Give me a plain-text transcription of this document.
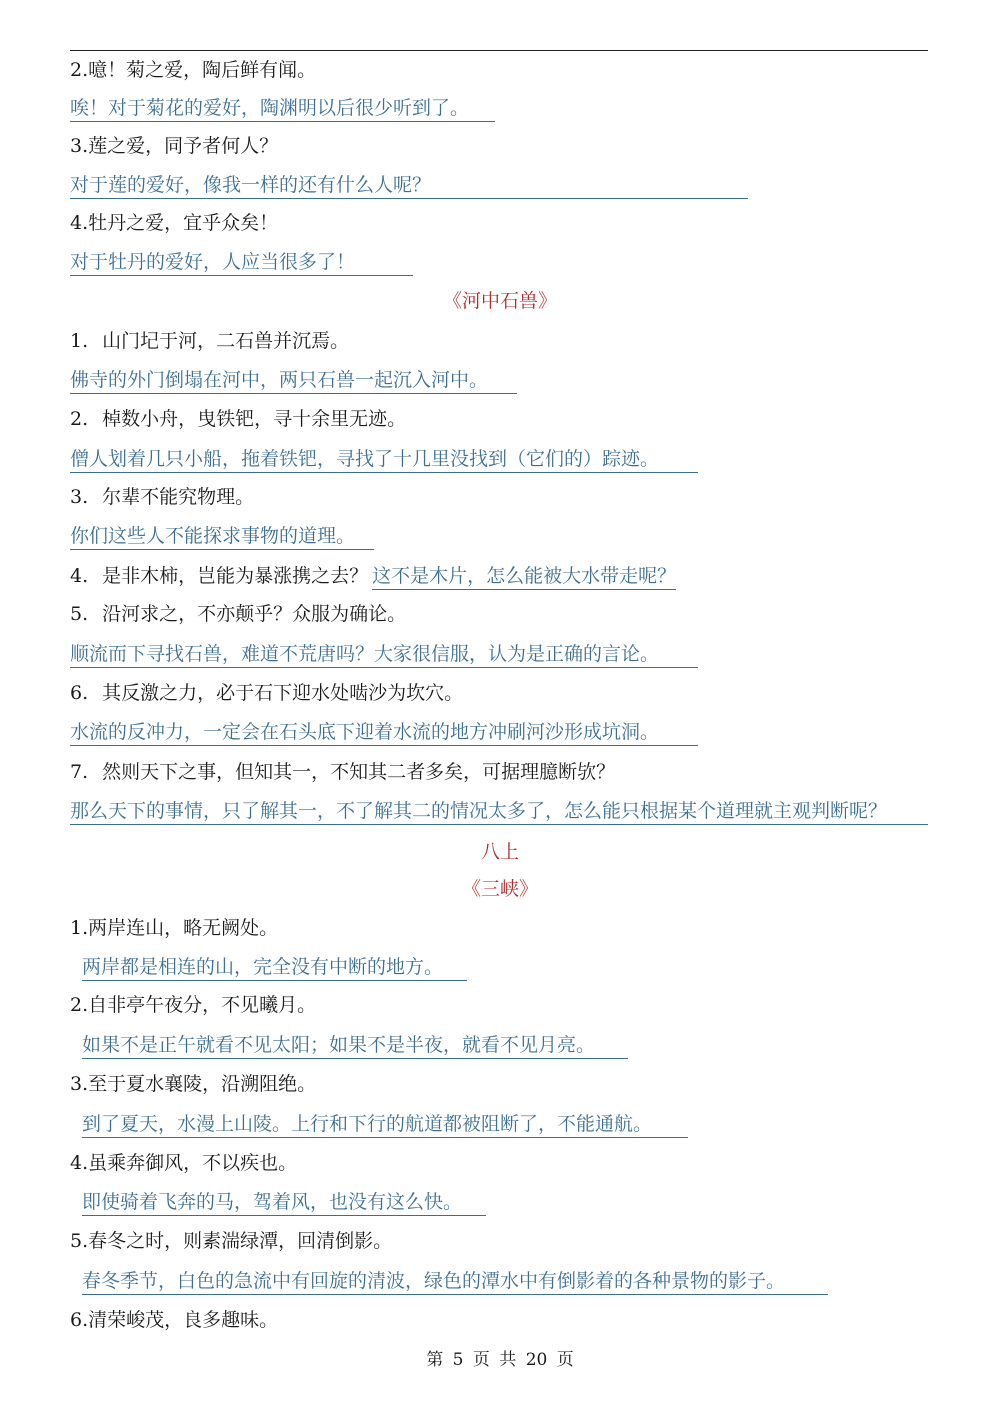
2.噫！菊之爱，陶后鲜有闻。
唉！对于菊花的爱好，陶渊明以后很少听到了。
3.莲之爱，同予者何人？
对于莲的爱好，像我一样的还有什么人呢？
4.牡丹之爱，宜乎众矣！
对于牡丹的爱好，人应当很多了！
《河中石兽》
1. 山门圮于河，二石兽并沉焉。
佛寺的外门倒塌在河中，两只石兽一起沉入河中。
2. 棹数小舟，曳铁钯，寻十余里无迹。
僧人划着几只小船，拖着铁钯，寻找了十几里没找到（它们的）踪迹。
3. 尔辈不能究物理。
你们这些人不能探求事物的道理。
4. 是非木柿，岂能为暴涨携之去？ 这不是木片，怎么能被大水带走呢？
5. 沿河求之，不亦颠乎？众服为确论。
顺流而下寻找石兽，难道不荒唐吗？大家很信服，认为是正确的言论。
6. 其反激之力，必于石下迎水处啮沙为坎穴。
水流的反冲力，一定会在石头底下迎着水流的地方冲刷河沙形成坑洞。
7. 然则天下之事，但知其一，不知其二者多矣，可据理臆断欤？
那么天下的事情，只了解其一，不了解其二的情况太多了，怎么能只根据某个道理就主观判断呢？
八上
《三峡》
1.两岸连山，略无阙处。
两岸都是相连的山，完全没有中断的地方。
2.自非亭午夜分，不见曦月。
如果不是正午就看不见太阳；如果不是半夜，就看不见月亮。
3.至于夏水襄陵，沿溯阻绝。
到了夏天，水漫上山陵。上行和下行的航道都被阻断了，不能通航。
4.虽乘奔御风，不以疾也。
即使骑着飞奔的马，驾着风，也没有这么快。
5.春冬之时，则素湍绿潭，回清倒影。
春冬季节，白色的急流中有回旋的清波，绿色的潭水中有倒影着的各种景物的影子。
6.清荣峻茂，良多趣味。
第 5 页 共 20 页
